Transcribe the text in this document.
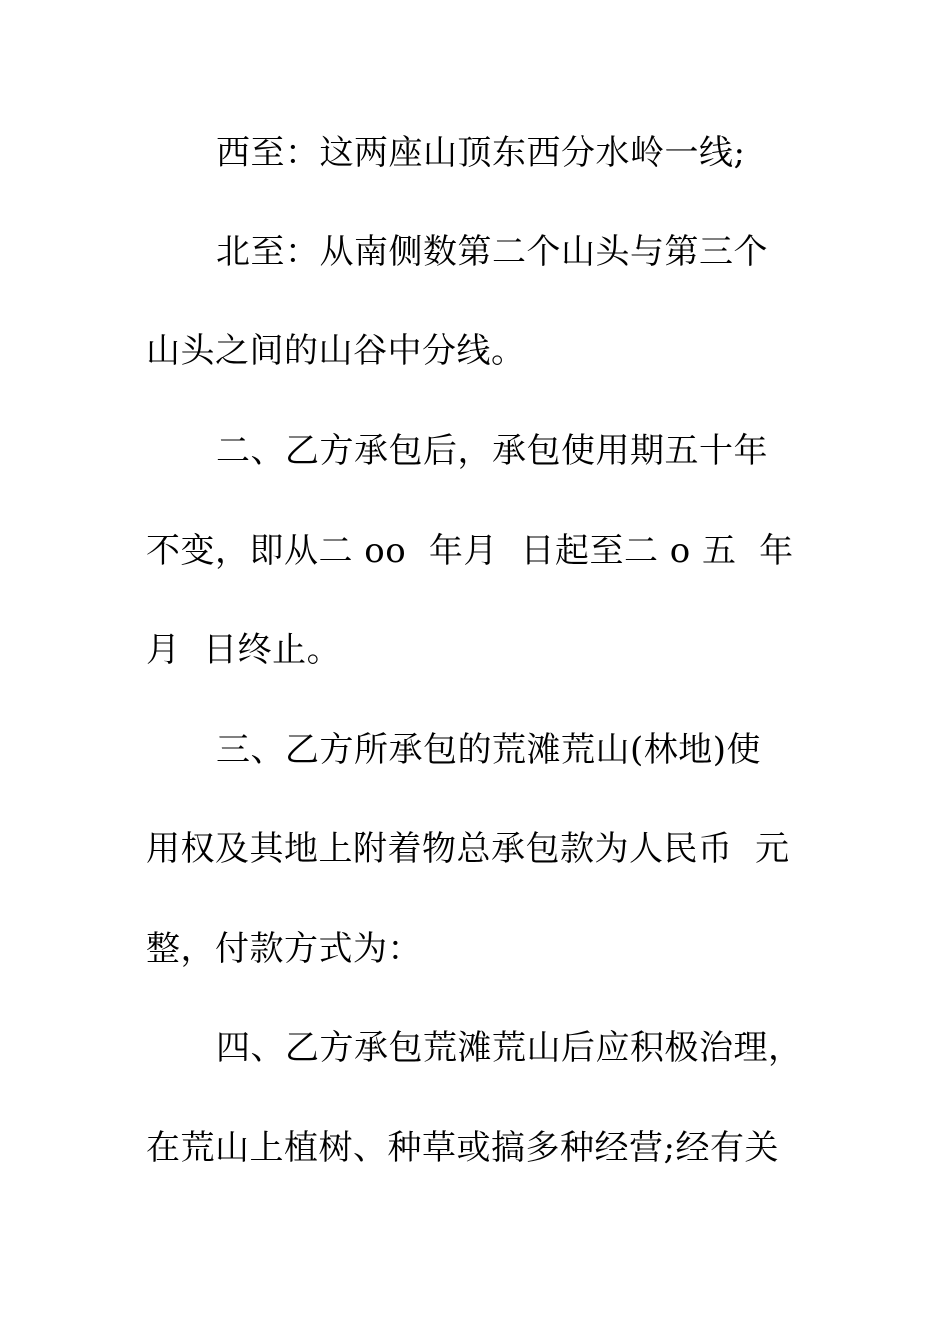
西至：这两座山顶东西分水岭一线;
北至：从南侧数第二个山头与第三个
山头之间的山谷中分线。
二、乙方承包后，承包使用期五十年
不变，即从二 oo  年月  日起至二 o 五  年
月  日终止。
三、乙方所承包的荒滩荒山(林地)使
用权及其地上附着物总承包款为人民币  元
整，付款方式为：
四、乙方承包荒滩荒山后应积极治理，
在荒山上植树、种草或搞多种经营;经有关
